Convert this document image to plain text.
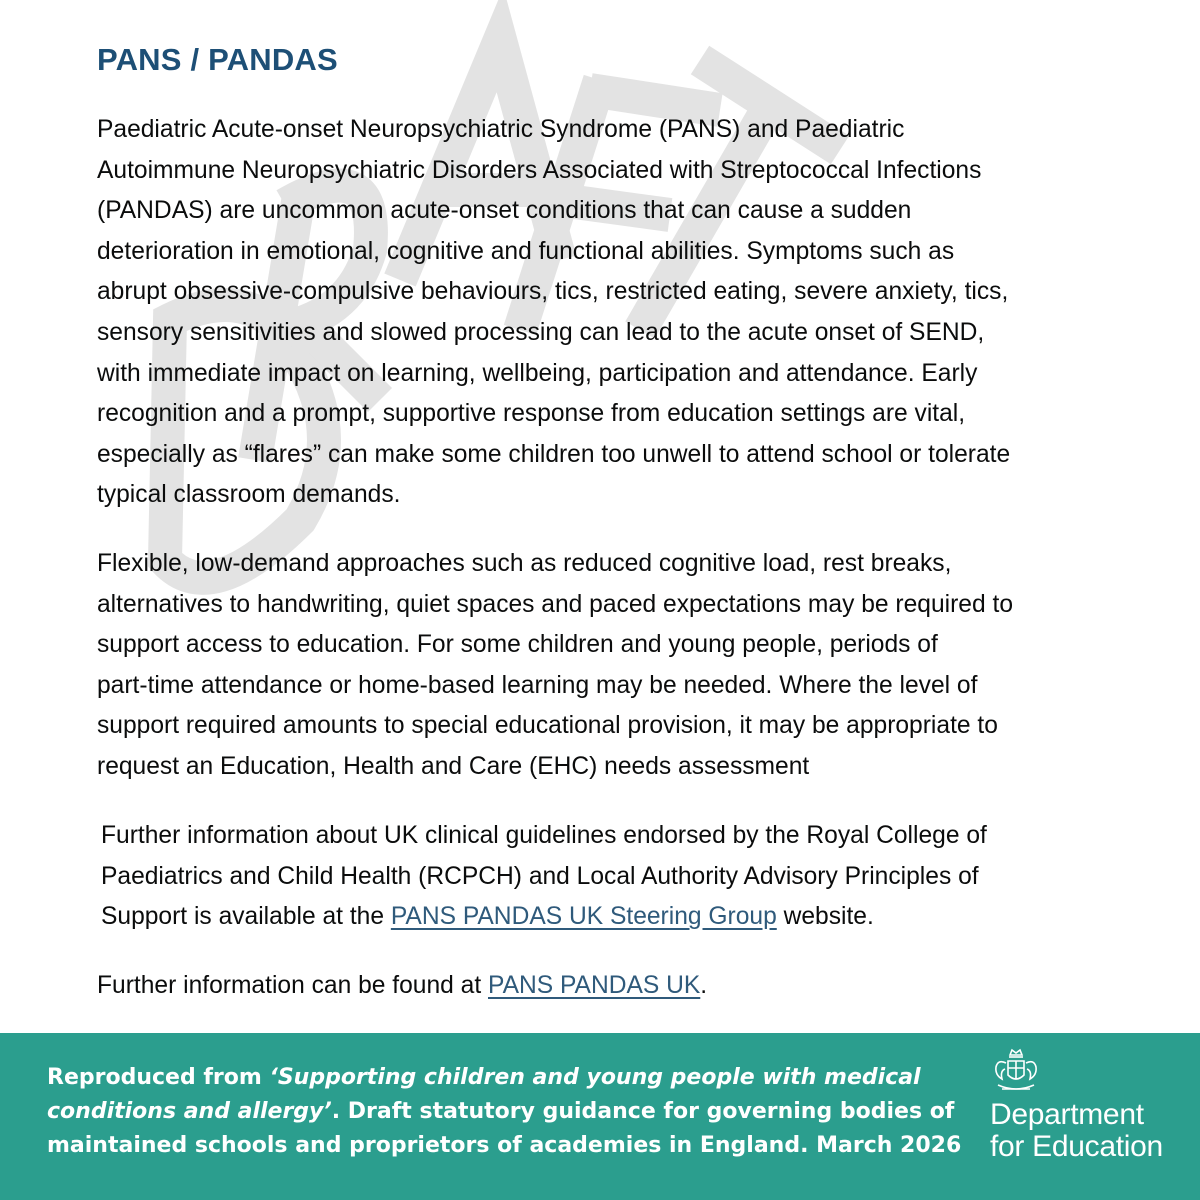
PANS / PANDAS

Paediatric Acute-onset Neuropsychiatric Syndrome (PANS) and Paediatric
Autoimmune Neuropsychiatric Disorders Associated with Streptococcal Infections
(PANDAS) are uncommon acute-onset conditions that can cause a sudden
deterioration in emotional, cognitive and functional abilities. Symptoms such as
abrupt obsessive-compulsive behaviours, tics, restricted eating, severe anxiety, tics,
sensory sensitivities and slowed processing can lead to the acute onset of SEND,
with immediate impact on learning, wellbeing, participation and attendance. Early
recognition and a prompt, supportive response from education settings are vital,
especially as “flares” can make some children too unwell to attend school or tolerate
typical classroom demands.

Flexible, low-demand approaches such as reduced cognitive load, rest breaks,
alternatives to handwriting, quiet spaces and paced expectations may be required to
support access to education. For some children and young people, periods of
part-time attendance or home-based learning may be needed. Where the level of
support required amounts to special educational provision, it may be appropriate to
request an Education, Health and Care (EHC) needs assessment

Further information about UK clinical guidelines endorsed by the Royal College of
Paediatrics and Child Health (RCPCH) and Local Authority Advisory Principles of
Support is available at the PANS PANDAS UK Steering Group website.

Further information can be found at PANS PANDAS UK.

Reproduced from ‘Supporting children and young people with medical
conditions and allergy’. Draft statutory guidance for governing bodies of
maintained schools and proprietors of academies in England. March 2026

Department
for Education
